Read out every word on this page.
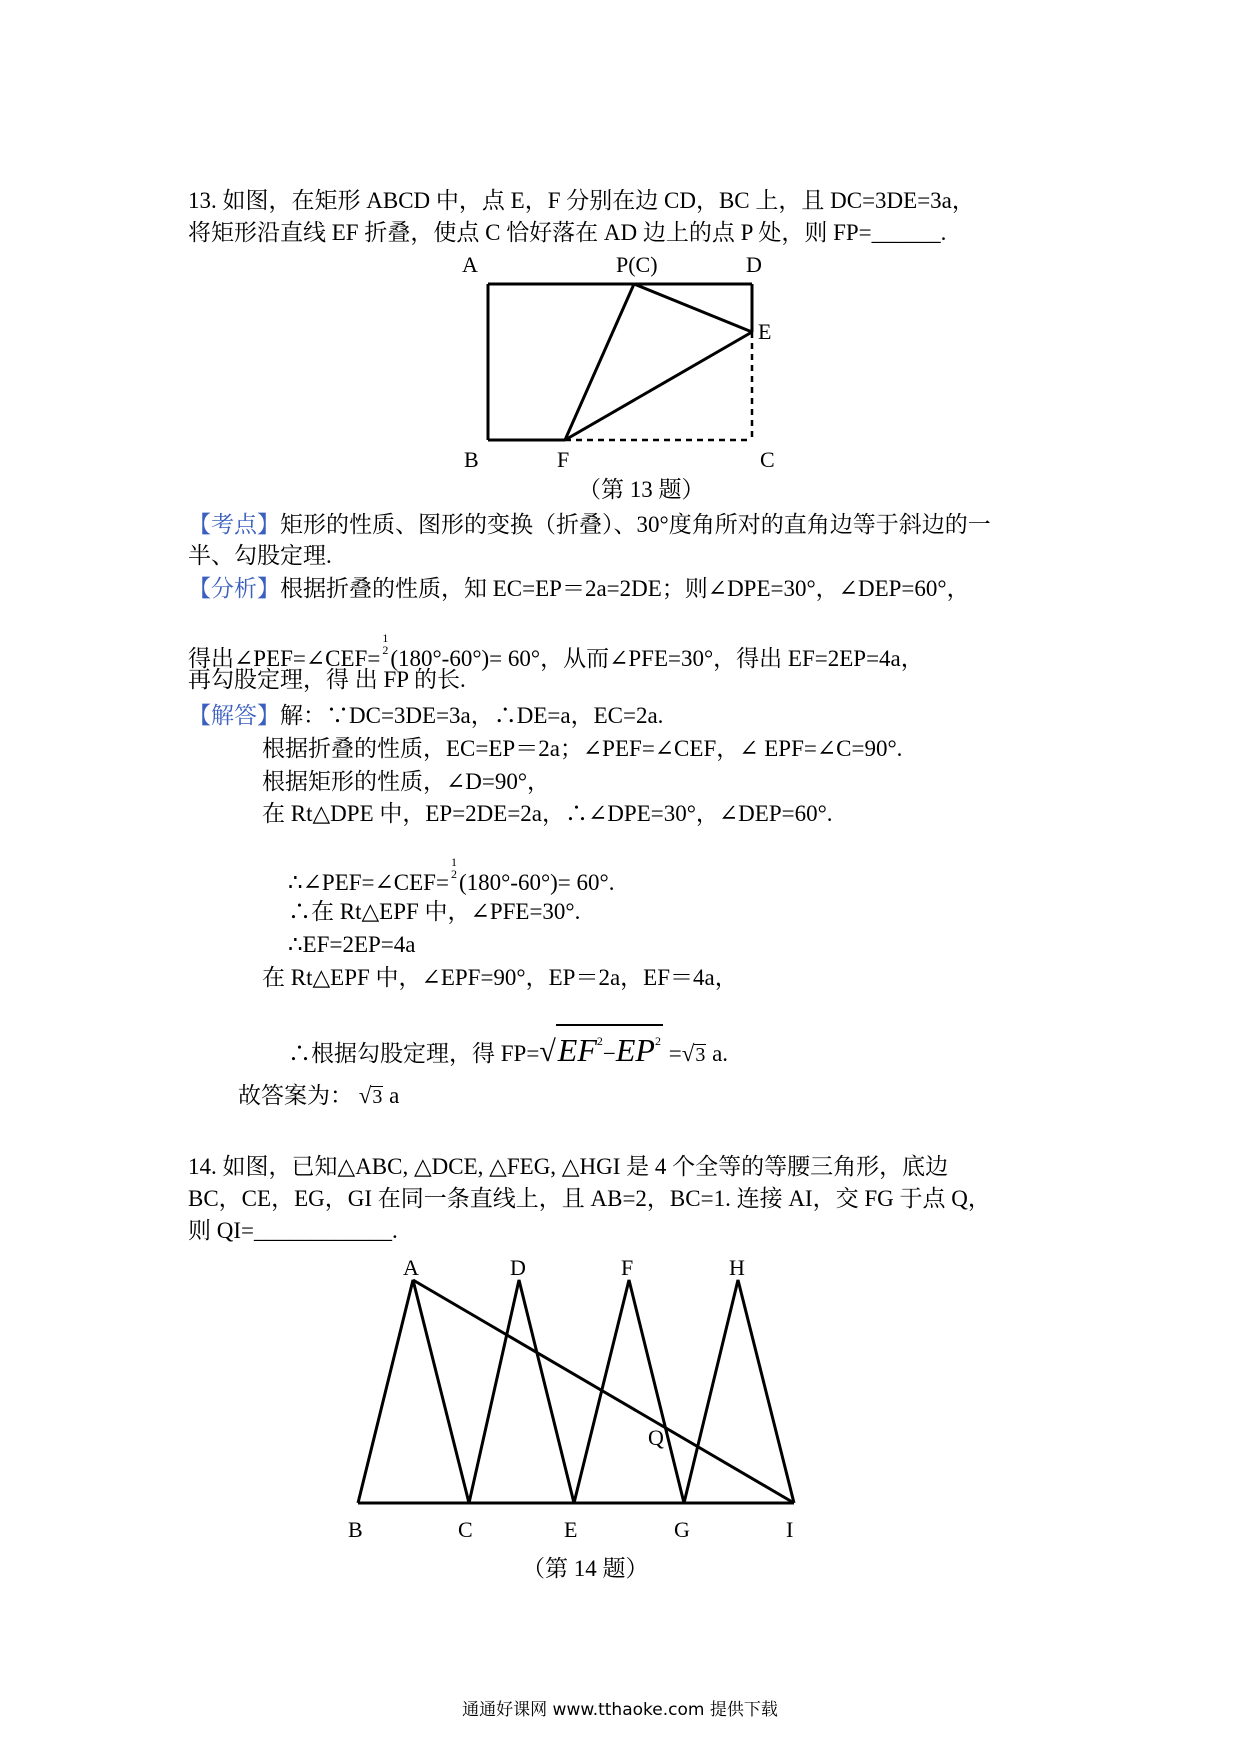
13. 如图，在矩形 ABCD 中，点 E，F 分别在边 CD，BC 上，且 DC=3DE=3a，
将矩形沿直线 EF 折叠，使点 C 恰好落在 AD 边上的点 P 处，则 FP=______.
A	P(C)	D
E
B	F	C
（第 13 题）
【考点】矩形的性质、图形的变换（折叠）、30°度角所对的直角边等于斜边的一
半、勾股定理.
【分析】根据折叠的性质，知 EC=EP＝2a=2DE；则∠DPE=30°，∠DEP=60°，
得出∠PEF=∠CEF=
1
2 (180°-60°)= 60°，从而∠PFE=30°，得出 EF=2EP=4a，
再勾股定理，得 出 FP 的长.
【解答】解：∵DC=3DE=3a，∴DE=a，EC=2a.
根据折叠的性质，EC=EP＝2a；∠PEF=∠CEF，∠ EPF=∠C=90°.
根据矩形的性质，∠D=90°，
在 Rt△DPE 中，EP=2DE=2a，∴∠DPE=30°，∠DEP=60°.
∴∠PEF=∠CEF=
1
2 (180°-60°)= 60°.
∴在 Rt△EPF 中，∠PFE=30°.
∴EF=2EP=4a
在 Rt△EPF 中，∠EPF=90°，EP＝2a，EF＝4a，
∴根据勾股定理，得 $FP=√EF^2-EP^2 =√3$ a.
故答案为： √3 a
14. 如图，已知△ABC, △DCE, △FEG, △HGI 是 4 个全等的等腰三角形，底边
BC，CE，EG，GI 在同一条直线上，且 AB=2，BC=1. 连接 AI，交 FG 于点 Q，
则 QI=____________.
A	D	F	H
Q
B	C	E	G	I
（第 14 题）
通通好课网 www.tthaoke.com 提供下载
